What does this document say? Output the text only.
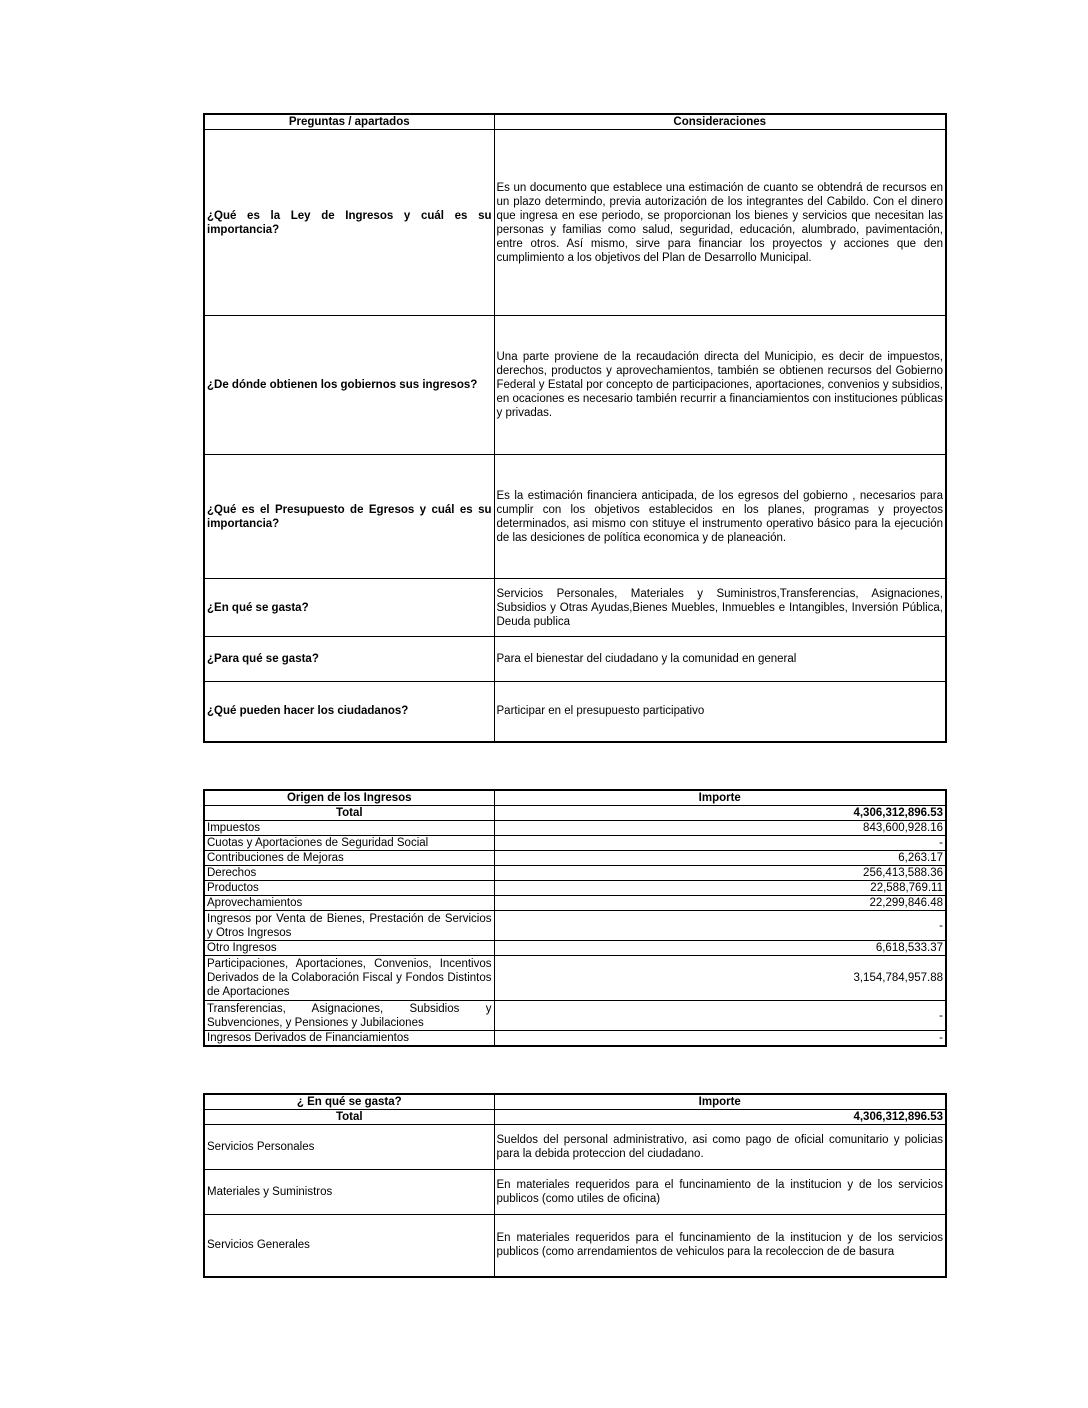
Preguntas / apartados	Consideraciones
¿Qué es la Ley de Ingresos y cuál es su importancia?	Es un documento que establece una estimación de cuanto se obtendrá de recursos en un plazo determindo, previa autorización de los integrantes del Cabildo. Con el dinero que ingresa en ese periodo, se proporcionan los bienes y servicios que necesitan las personas y familias como salud, seguridad, educación, alumbrado, pavimentación, entre otros. Así mismo, sirve para financiar los proyectos y acciones que den cumplimiento a los objetivos del Plan de Desarrollo Municipal.
¿De dónde obtienen los gobiernos sus ingresos?	Una parte proviene de la recaudación directa del Municipio, es decir de impuestos, derechos, productos y aprovechamientos, también se obtienen recursos del Gobierno Federal y Estatal por concepto de participaciones, aportaciones, convenios y subsidios, en ocaciones es necesario también recurrir a financiamientos con instituciones públicas y privadas.
¿Qué es el Presupuesto de Egresos y cuál es su importancia?	Es la estimación financiera anticipada, de los egresos del gobierno , necesarios para cumplir con los objetivos establecidos en los planes, programas y proyectos determinados, asi mismo con stituye el instrumento operativo básico para la ejecución de las desiciones de política economica y de planeación.
¿En qué se gasta?	Servicios Personales, Materiales y Suministros,Transferencias, Asignaciones, Subsidios y Otras Ayudas,Bienes Muebles, Inmuebles e Intangibles, Inversión Pública, Deuda publica
¿Para qué se gasta?	Para el bienestar del ciudadano y la comunidad en general
¿Qué pueden hacer los ciudadanos?	Participar en el presupuesto participativo
Origen de los Ingresos	Importe
Total	4,306,312,896.53
Impuestos	843,600,928.16
Cuotas y Aportaciones de Seguridad Social	-
Contribuciones de Mejoras	6,263.17
Derechos	256,413,588.36
Productos	22,588,769.11
Aprovechamientos	22,299,846.48
Ingresos por Venta de Bienes, Prestación de Servicios y Otros Ingresos	-
Otro Ingresos	6,618,533.37
Participaciones, Aportaciones, Convenios, Incentivos Derivados de la Colaboración Fiscal y Fondos Distintos de Aportaciones	3,154,784,957.88
Transferencias, Asignaciones, Subsidios y Subvenciones, y Pensiones y Jubilaciones	-
Ingresos Derivados de Financiamientos	-
¿ En qué se gasta?	Importe
Total	4,306,312,896.53
Servicios Personales	Sueldos del personal administrativo, asi como pago de oficial comunitario y policias para la debida proteccion del ciudadano.
Materiales y Suministros	En materiales requeridos para el funcinamiento de la institucion y de los servicios publicos (como utiles de oficina)
Servicios Generales	En materiales requeridos para el funcinamiento de la institucion y de los servicios publicos (como arrendamientos de vehiculos para la recoleccion de de basura
